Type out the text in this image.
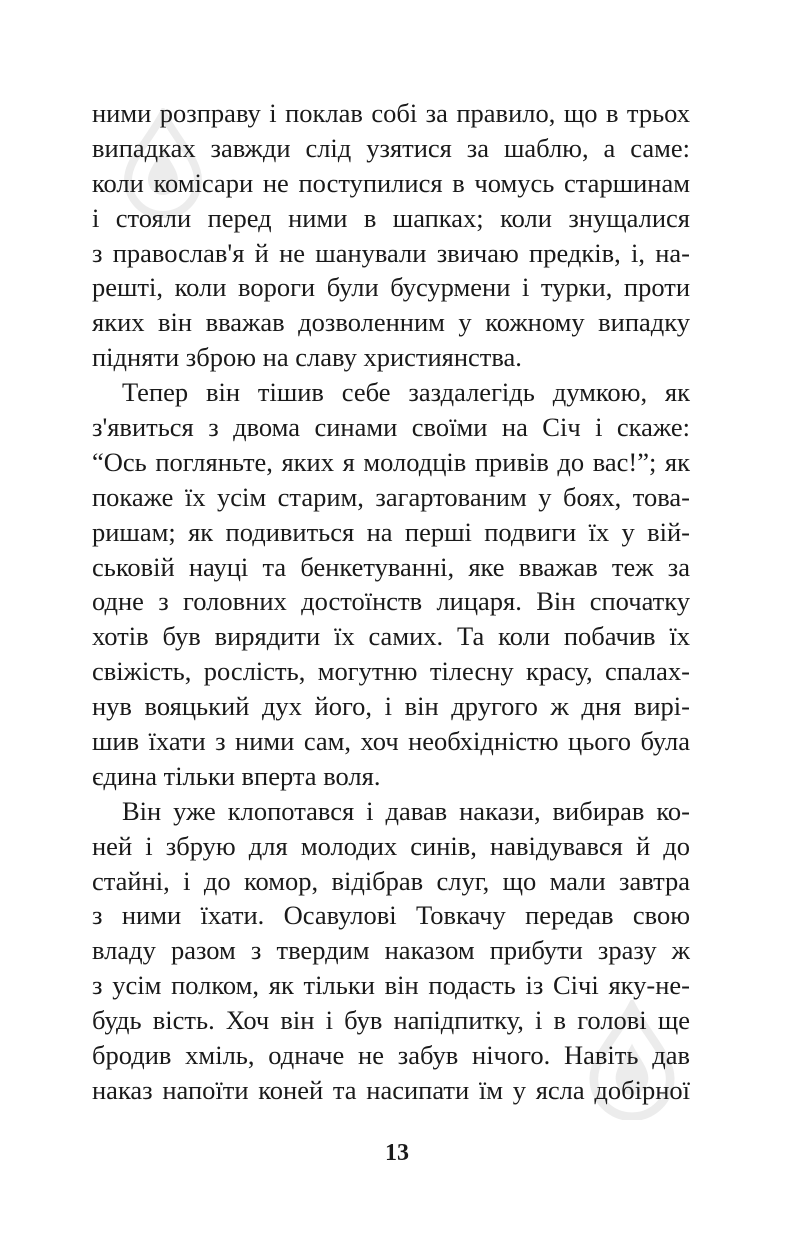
ними розправу і поклав собі за правило, що в трьох
випадках завжди слід узятися за шаблю, а саме:
коли комісари не поступилися в чомусь старшинам
і стояли перед ними в шапках; коли знущалися
з православ'я й не шанували звичаю предків, і, на-
решті, коли вороги були бусурмени і турки, проти
яких він вважав дозволенним у кожному випадку
підняти зброю на славу християнства.
Тепер він тішив себе заздалегідь думкою, як
з'явиться з двома синами своїми на Січ і скаже:
“Ось погляньте, яких я молодців привів до вас!”; як
покаже їх усім старим, загартованим у боях, това-
ришам; як подивиться на перші подвиги їх у вій-
ськовій науці та бенкетуванні, яке вважав теж за
одне з головних достоїнств лицаря. Він спочатку
хотів був вирядити їх самих. Та коли побачив їх
свіжість, рослість, могутню тілесну красу, спалах-
нув вояцький дух його, і він другого ж дня вирі-
шив їхати з ними сам, хоч необхідністю цього була
єдина тільки вперта воля.
Він уже клопотався і давав накази, вибирав ко-
ней і збрую для молодих синів, навідувався й до
стайні, і до комор, відібрав слуг, що мали завтра
з ними їхати. Осавулові Товкачу передав свою
владу разом з твердим наказом прибути зразу ж
з усім полком, як тільки він подасть із Січі яку-не-
будь вість. Хоч він і був напідпитку, і в голові ще
бродив хміль, одначе не забув нічого. Навіть дав
наказ напоїти коней та насипати їм у ясла добірної
13
